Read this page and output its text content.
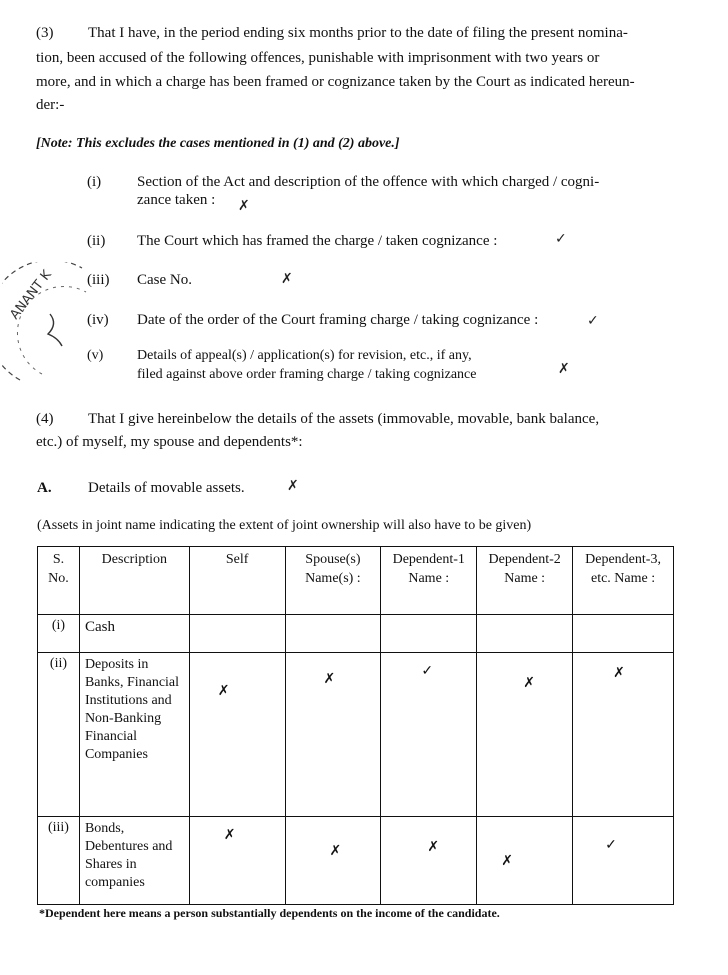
(3) That I have, in the period ending six months prior to the date of filing the present nomina-
tion, been accused of the following offences, punishable with imprisonment with two years or
more, and in which a charge has been framed or cognizance taken by the Court as indicated hereun-
der:-
[Note: This excludes the cases mentioned in (1) and (2) above.]
(i) Section of the Act and description of the offence with which charged / cogni-
zance taken : ✗
(ii) The Court which has framed the charge / taken cognizance :	✓
(iii) Case No.	✗
(iv) Date of the order of the Court framing charge / taking cognizance :	✓
(v) Details of appeal(s) / application(s) for revision, etc., if any,
filed against above order framing charge / taking cognizance	✗
ANANT K
(4) That I give hereinbelow the details of the assets (immovable, movable, bank balance,
etc.) of myself, my spouse and dependents*:
A. Details of movable assets.	✗
(Assets in joint name indicating the extent of joint ownership will also have to be given)
S. No.	Description	Self	Spouse(s) Name(s) :	Dependent-1 Name :	Dependent-2 Name :	Dependent-3, etc. Name :
(i)	Cash					
(ii)	Deposits in Banks, Financial Institutions and Non-Banking Financial Companies	✗	✗	✓	✗	✗
(iii)	Bonds, Debentures and Shares in companies	✗	✗	✗	✗	✓
*Dependent here means a person substantially dependents on the income of the candidate.
